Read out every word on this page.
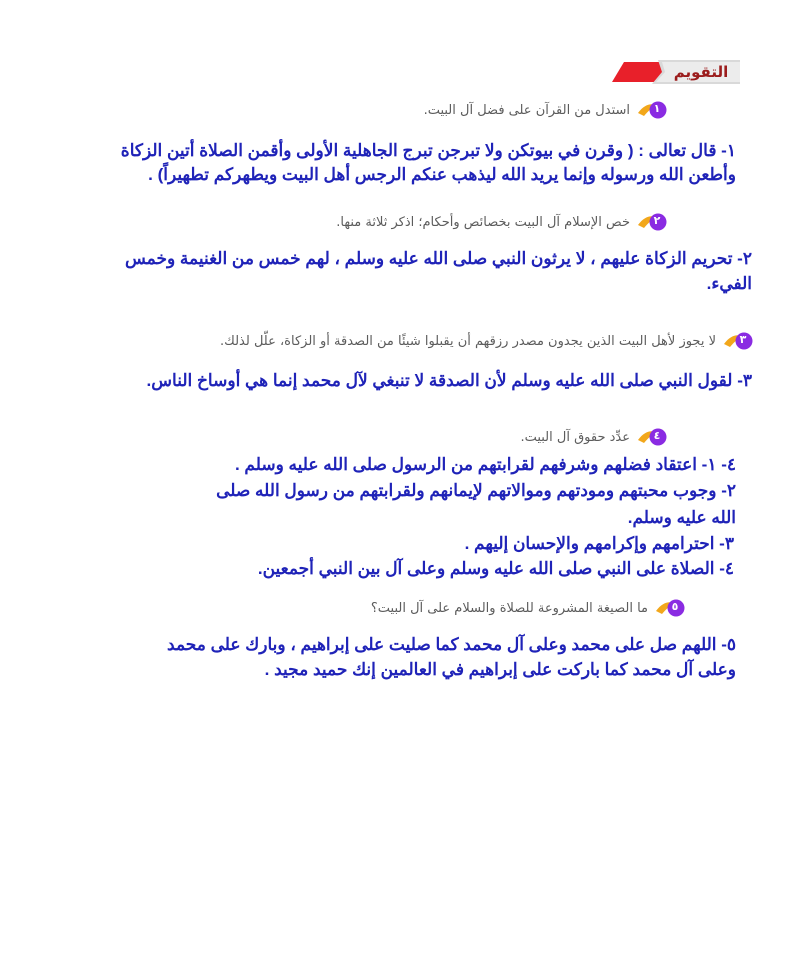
التقويم
١
استدل من القرآن على فضل آل البيت.
١- قال تعالى : ( وقرن في بيوتكن ولا تبرجن تبرج الجاهلية الأولى وأقمن الصلاة أتين الزكاة
وأطعن الله ورسوله وإنما يريد الله ليذهب عنكم الرجس أهل البيت ويطهركم تطهيراً) .
٢
خص الإسلام آل البيت بخصائص وأحكام؛ اذكر ثلاثة منها.
٢- تحريم الزكاة عليهم ، لا يرثون النبي صلى الله عليه وسلم ، لهم خمس من الغنيمة وخمس
الفيء.
٣
لا يجوز لأهل البيت الذين يجدون مصدر رزقهم أن يقبلوا شيئًا من الصدقة أو الزكاة، علّل لذلك.
٣- لقول النبي صلى الله عليه وسلم لأن الصدقة لا تنبغي لآل محمد إنما هي أوساخ الناس.
٤
عدِّد حقوق آل البيت.
٤- ١- اعتقاد فضلهم وشرفهم لقرابتهم من الرسول صلى الله عليه وسلم .
٢- وجوب محبتهم ومودتهم وموالاتهم لإيمانهم ولقرابتهم من رسول الله صلى
الله عليه وسلم.
٣- احترامهم وإكرامهم والإحسان إليهم .
٤- الصلاة على النبي صلى الله عليه وسلم وعلى آل بين النبي أجمعين.
٥
ما الصيغة المشروعة للصلاة والسلام على آل البيت؟
٥- اللهم صل على محمد وعلى آل محمد كما صليت على إبراهيم ، وبارك على محمد
وعلى آل محمد كما باركت على إبراهيم في العالمين إنك حميد مجيد .
